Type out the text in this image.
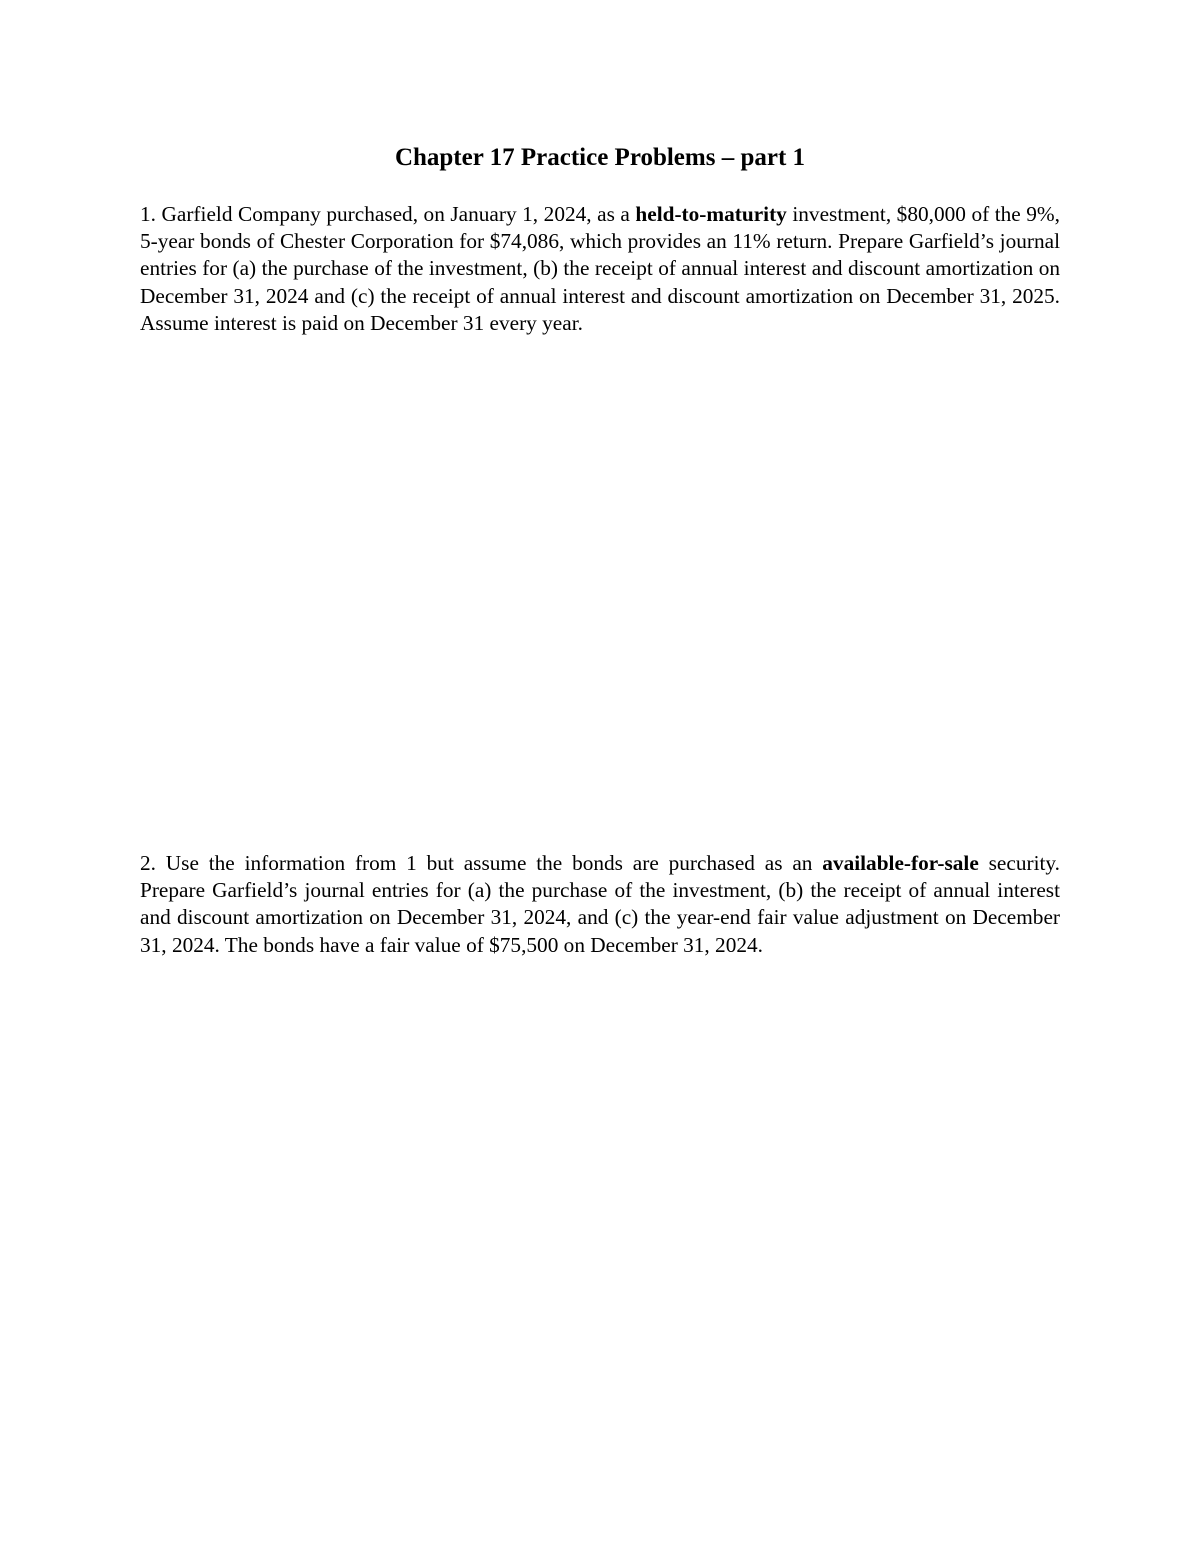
Chapter 17 Practice Problems – part 1

1. Garfield Company purchased, on January 1, 2024, as a held-to-maturity investment, $80,000 of the 9%, 5-year bonds of Chester Corporation for $74,086, which provides an 11% return. Prepare Garfield’s journal entries for (a) the purchase of the investment, (b) the receipt of annual interest and discount amortization on December 31, 2024 and (c) the receipt of annual interest and discount amortization on December 31, 2025. Assume interest is paid on December 31 every year.

2. Use the information from 1 but assume the bonds are purchased as an available-for-sale security. Prepare Garfield’s journal entries for (a) the purchase of the investment, (b) the receipt of annual interest and discount amortization on December 31, 2024, and (c) the year-end fair value adjustment on December 31, 2024. The bonds have a fair value of $75,500 on December 31, 2024.
